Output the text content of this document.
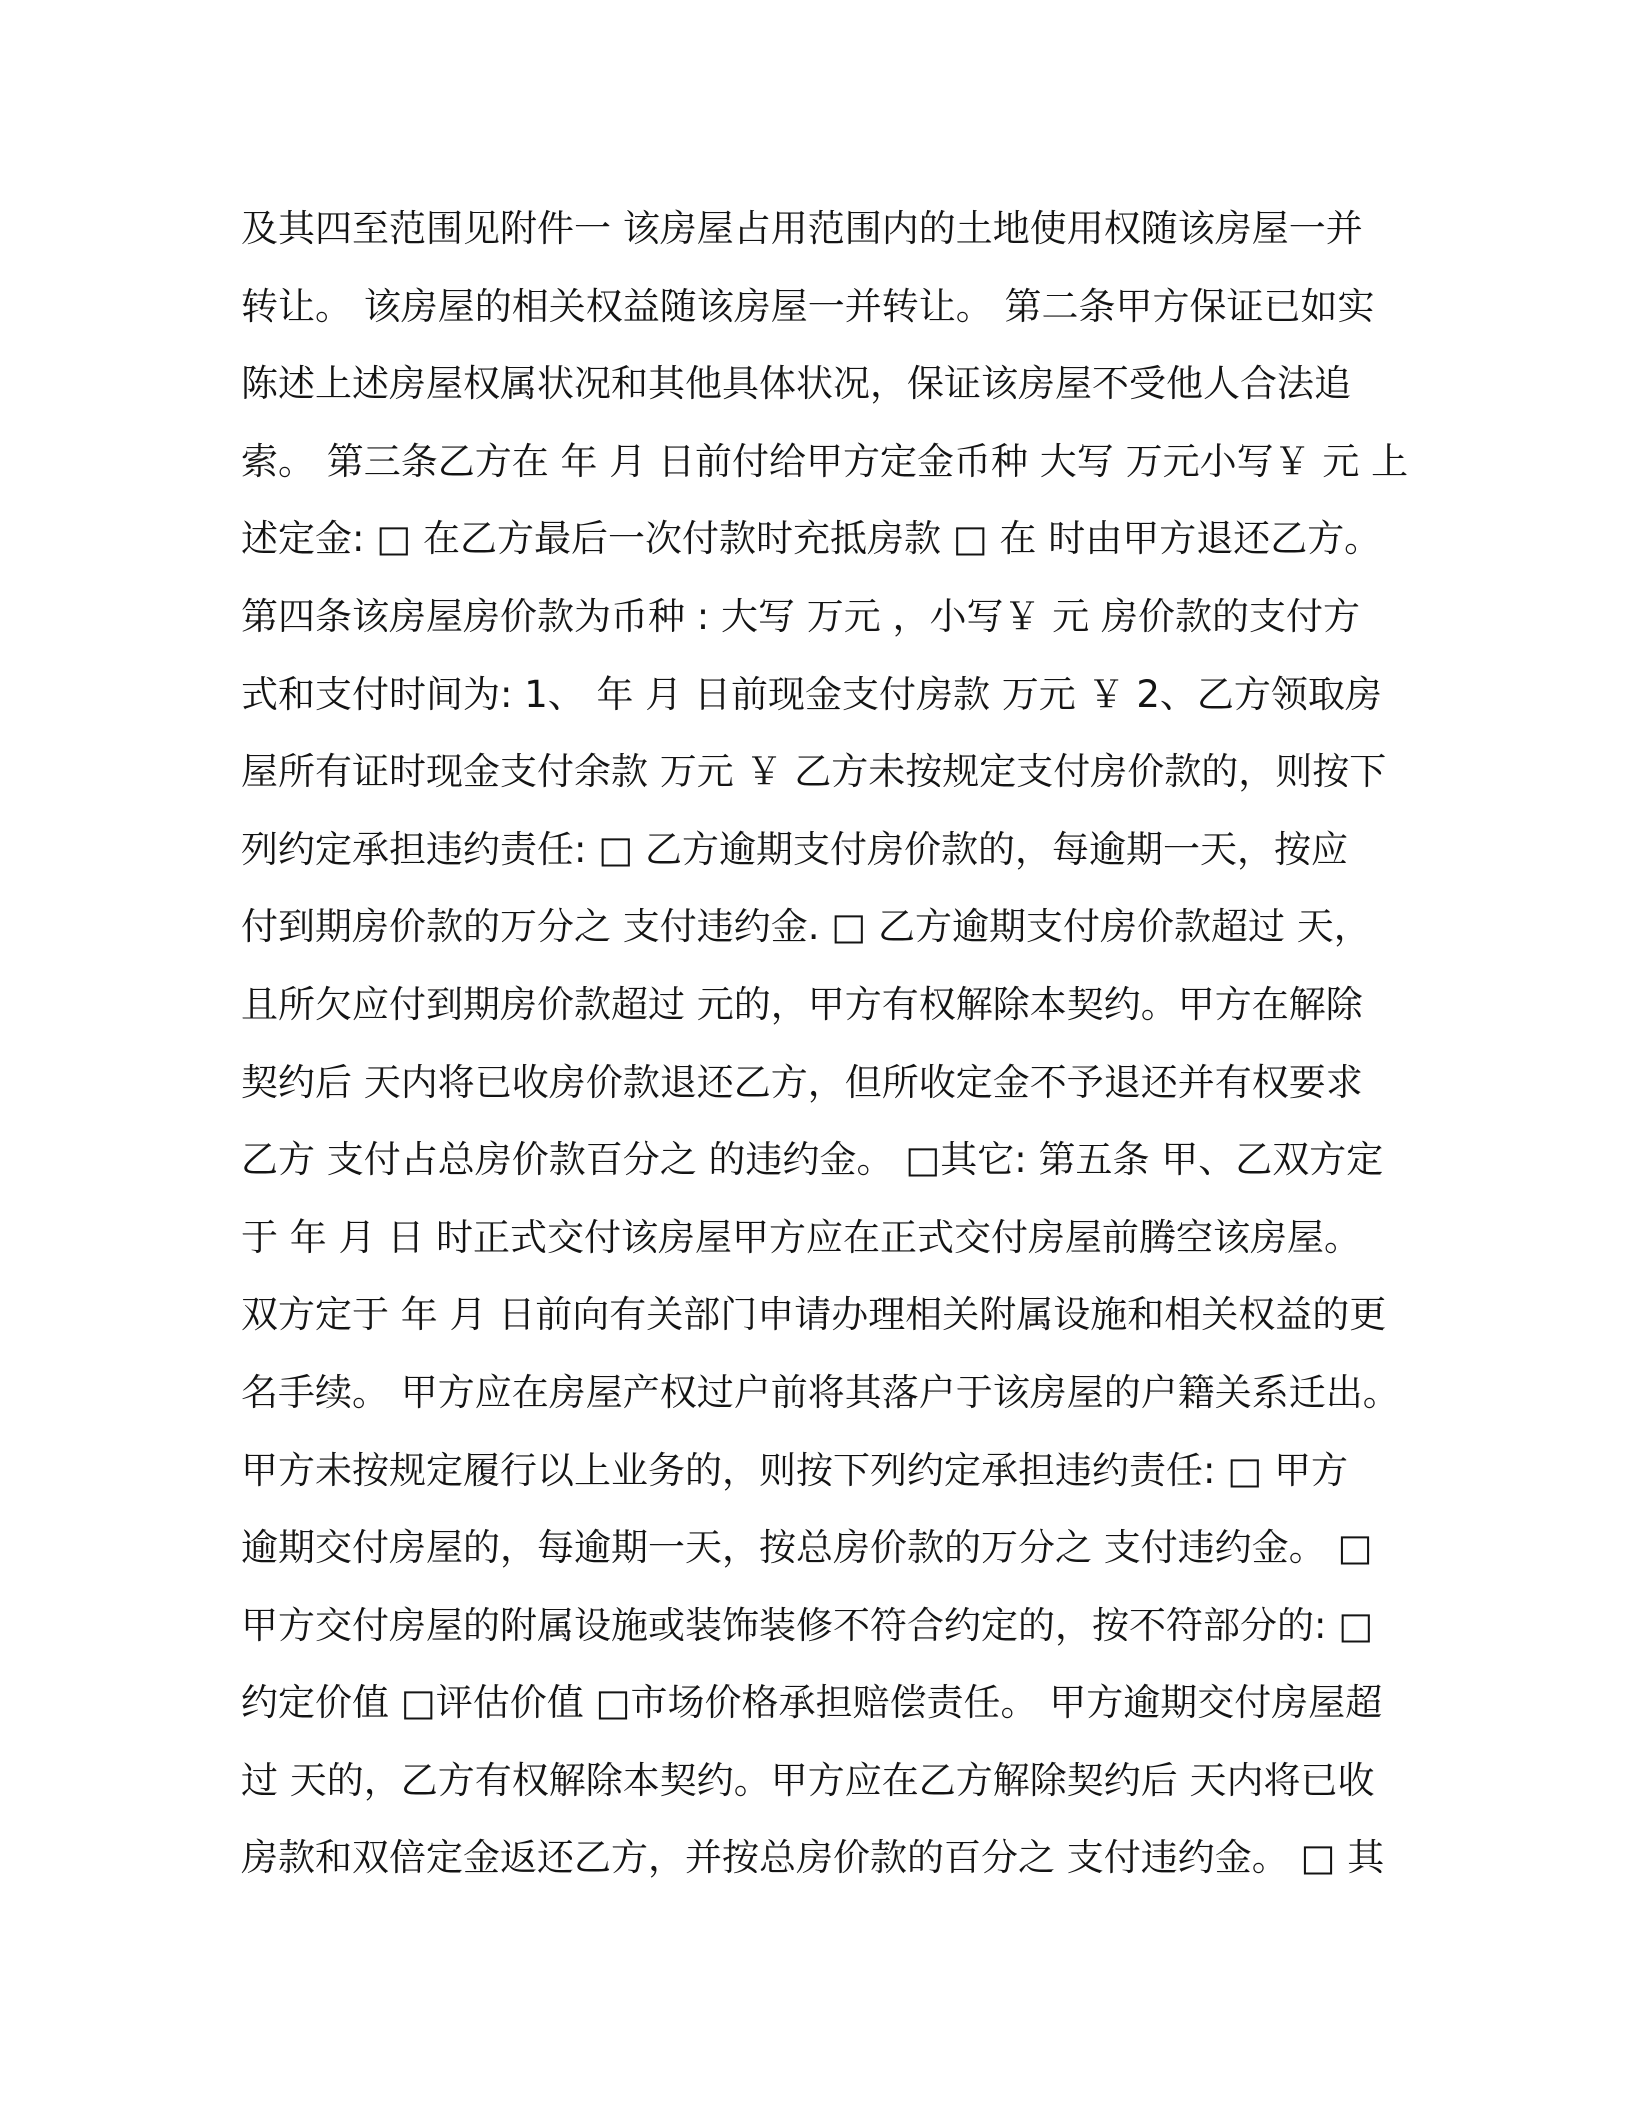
及其四至范围见附件一 该房屋占用范围内的土地使用权随该房屋一并
转让。 该房屋的相关权益随该房屋一并转让。 第二条甲方保证已如实
陈述上述房屋权属状况和其他具体状况，保证该房屋不受他人合法追
索。 第三条乙方在 年 月 日前付给甲方定金币种 大写 万元小写￥ 元 上
述定金: □ 在乙方最后一次付款时充抵房款 □ 在 时由甲方退还乙方。
第四条该房屋房价款为币种 : 大写 万元 ，小写￥ 元 房价款的支付方
式和支付时间为: 1、 年 月 日前现金支付房款 万元 ￥ 2、乙方领取房
屋所有证时现金支付余款 万元 ￥ 乙方未按规定支付房价款的，则按下
列约定承担违约责任: □ 乙方逾期支付房价款的，每逾期一天，按应
付到期房价款的万分之 支付违约金. □ 乙方逾期支付房价款超过 天，
且所欠应付到期房价款超过 元的，甲方有权解除本契约。甲方在解除
契约后 天内将已收房价款退还乙方，但所收定金不予退还并有权要求
乙方 支付占总房价款百分之 的违约金。 □其它: 第五条 甲、乙双方定
于 年 月 日 时正式交付该房屋甲方应在正式交付房屋前腾空该房屋。
双方定于 年 月 日前向有关部门申请办理相关附属设施和相关权益的更
名手续。 甲方应在房屋产权过户前将其落户于该房屋的户籍关系迁出。
甲方未按规定履行以上业务的，则按下列约定承担违约责任: □ 甲方
逾期交付房屋的，每逾期一天，按总房价款的万分之 支付违约金。 □
甲方交付房屋的附属设施或装饰装修不符合约定的，按不符部分的: □
约定价值 □评估价值 □市场价格承担赔偿责任。 甲方逾期交付房屋超
过 天的，乙方有权解除本契约。甲方应在乙方解除契约后 天内将已收
房款和双倍定金返还乙方，并按总房价款的百分之 支付违约金。 □ 其
